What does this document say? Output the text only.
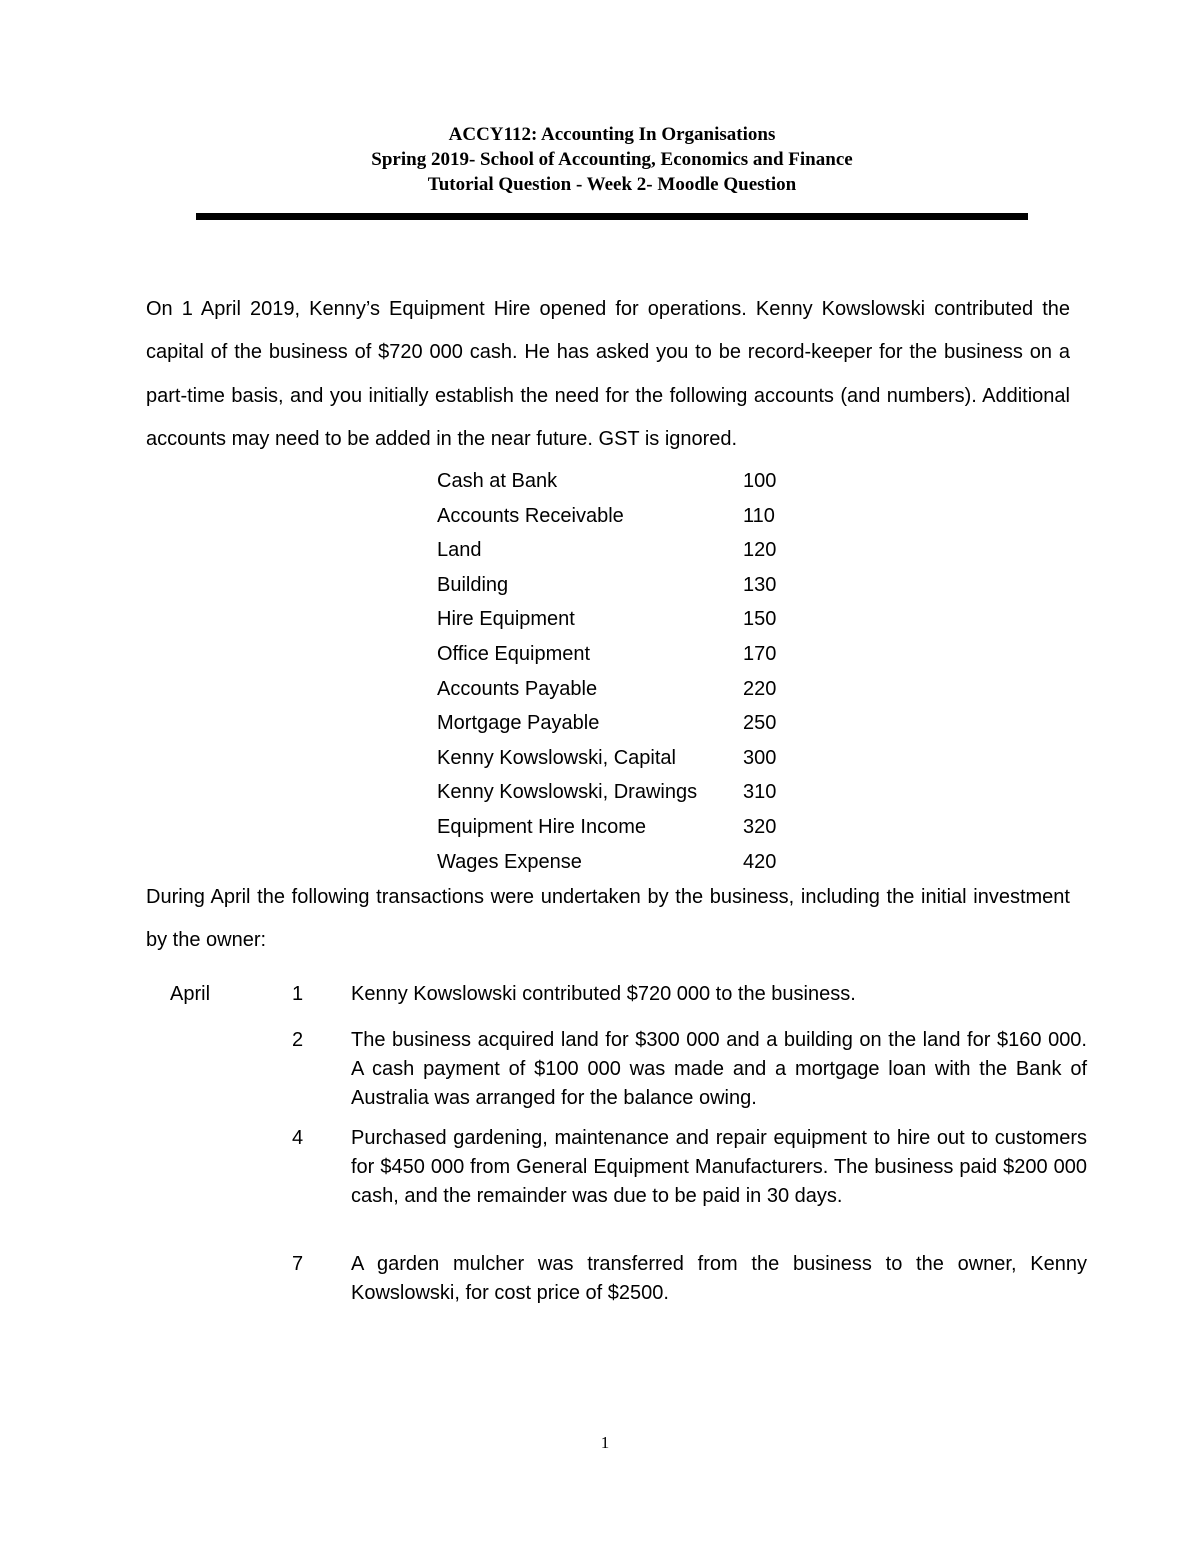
ACCY112: Accounting In Organisations
Spring 2019- School of Accounting, Economics and Finance
Tutorial Question - Week 2- Moodle Question
On 1 April 2019, Kenny’s Equipment Hire opened for operations. Kenny Kowslowski contributed the capital of the business of $720 000 cash. He has asked you to be record-keeper for the business on a part-time basis, and you initially establish the need for the following accounts (and numbers). Additional accounts may need to be added in the near future. GST is ignored.
Cash at Bank	100
Accounts Receivable	110
Land	120
Building	130
Hire Equipment	150
Office Equipment	170
Accounts Payable	220
Mortgage Payable	250
Kenny Kowslowski, Capital	300
Kenny Kowslowski, Drawings 310
Equipment Hire Income	320
Wages Expense	420
During April the following transactions were undertaken by the business, including the initial investment by the owner:
April	1 Kenny Kowslowski contributed $720 000 to the business.
2 The business acquired land for $300 000 and a building on the land for $160 000. A cash payment of $100 000 was made and a mortgage loan with the Bank of Australia was arranged for the balance owing.
4 Purchased gardening, maintenance and repair equipment to hire out to customers for $450 000 from General Equipment Manufacturers. The business paid $200 000 cash, and the remainder was due to be paid in 30 days.
7 A garden mulcher was transferred from the business to the owner, Kenny Kowslowski, for cost price of $2500.
1
